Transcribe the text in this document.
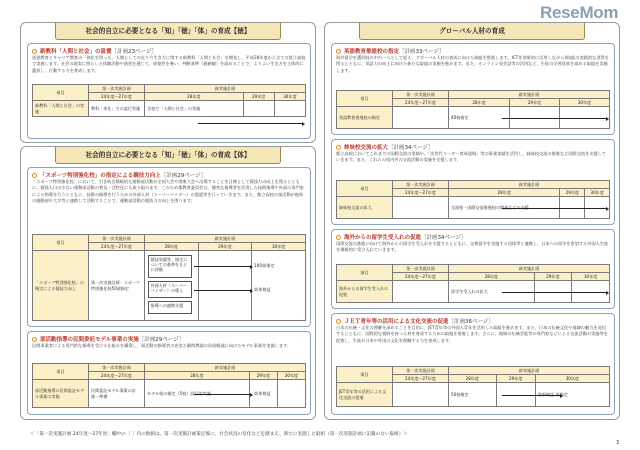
ReseMom
社会的自立に必要となる「知」「徳」「体」の育成【徳】
新教科「人間と社会」の設置［計画23ページ］
道徳教育とキャリア教育の一体化を図った、人間としての在り方生き方に関する新教科「人間と社会」を開発し、平成28年度から全ての都立高校で実施します。社会の現実に照らした体験活動や演習を通じて、道徳性を養い、判断基準（価値観）を高めることで、よりよい生き方を主体的に選択し、行動する力を育成します。
項目	第一次実施計画	新実施計画		
	24年度〜27年度	28年度	29年度	30年度
新教科「人間と社会」の実施	教科「奉仕」での試行実施	全校で「人間と社会」の実施		
社会的自立に必要となる「知」「徳」「体」の育成【体】
「スポーツ特別強化校」の指定による競技力向上［計画29ページ］
「スポーツ特別強化校」において、引き続き積極的な運動部活動が全国大会や関東大会へ出場することを目標として競技力の向上を図るとともに、競技人口の少ない運動部活動の普及・活性化にも取り組みます。このため都教育委員会は、優秀な指導者を活用した技術指導や外部の専門家による指導を行うとともに、技術の指導を行うための外部人材（スーパーバイザー）の派遣等を行っていきます。また、都立高校の部活動が他県の運動部や大学等と連携して活動することで、運動部活動の競技力の向上を図ります。
項目	第一次実施計画	新実施計画		
	24年度〜27年度	28年度	29年度	30年度
「スポーツ特別強化校」の指定による競技力向上	第一次実施計画：スポーツ特別強化校50部指定			
競技実績等、指定についての基準をもとに評価
外部人材（スーパーバイザー）の導入
指導への連携支援
100部指定
効果検証
部活動指導の民間委託モデル事業の実施［計画29ページ］
民間事業者による専門的な指導を受ける仕組みを構築し、部活動の指導者の充実と顧問教諭の負担軽減に向けたモデル事業を実施します。
項目	第一次実施計画	新実施計画		
	24年度〜27年度	28年度	29年度	30年度
部活動指導の民間委託モデル事業の実施	民間委託モデル事業の計画・準備	モデル校の指定（5校）試行的実施			効果検証
グローバル人材の育成
英語教育推進校の指定［計画33ページ］
海外留学を選択肢の中の一つとして捉え、グローバル人材の育成に向けた取組を推進します。ICTを効果的に活用しながら4技能の実践的な習得を図るとともに、英語力の向上に向けた新たな取組の実施を進めます。また、オンライン英会話等の活用など、生徒の学習意欲を高める取組を実施します。
項目	第一次実施計画	新実施計画		
	24年度〜27年度	28年度	29年度	30年度
英語教育推進校の指定		40校指定		
姉妹校交流の拡大［計画34ページ］
都立高校においてこれまでの国際交流の実績や、「次世代リーダー育成道場」等の事業実績を活用し、姉妹校交流の推進など国際交流を支援していきます。また、これらの国内外の交流活動の実施を支援します。
項目	第一次実施計画	新実施計画		
	24年度〜27年度	28年度	29年度	30年度
姉妹校交流の拡大		交流校・国際交流推進校の開拓などの支援		
海外からの留学生受入れの促進［計画34ページ］
国際交流の推進に向けて海外からの留学生受入れを支援するとともに、交換留学を実施する団体等と連携し、日本への留学を希望する外国人生徒を積極的に受け入れていきます。
項目	第一次実施計画	新実施計画		
	24年度〜27年度	28年度	29年度	30年度
海外からの留学生受入れの促進		留学生受入れの拡大		
ＪＥＴ青年等の活用による文化交流の促進［計画36ページ］
日本の伝統・文化の理解を深めることを目的に、JET青年等の外国人青年を活用した取組を進めます。また、日本の伝統文化や地域の魅力を発信するとともに、国際的な視野を持つ人材を育成するための取組を推進します。さらに、地域の伝統芸能等の専門家などによる交流活動の実施等を促進し、生徒が日本や外国の文化を理解する力を育成します。
項目	第一次実施計画	新実施計画		
	24年度〜27年度	28年度	29年度	30年度
JET青年等の活用による文化交流の促進		50校指定		効果検証 再指定
＜「第一次実施計画 24年度〜27年度」欄中の［ ］内の数値は、第一次実施計画策定後に、社会状況の変化などを踏まえ、新たに実施した取組（第一次実施計画に記載のない取組）＞
3
